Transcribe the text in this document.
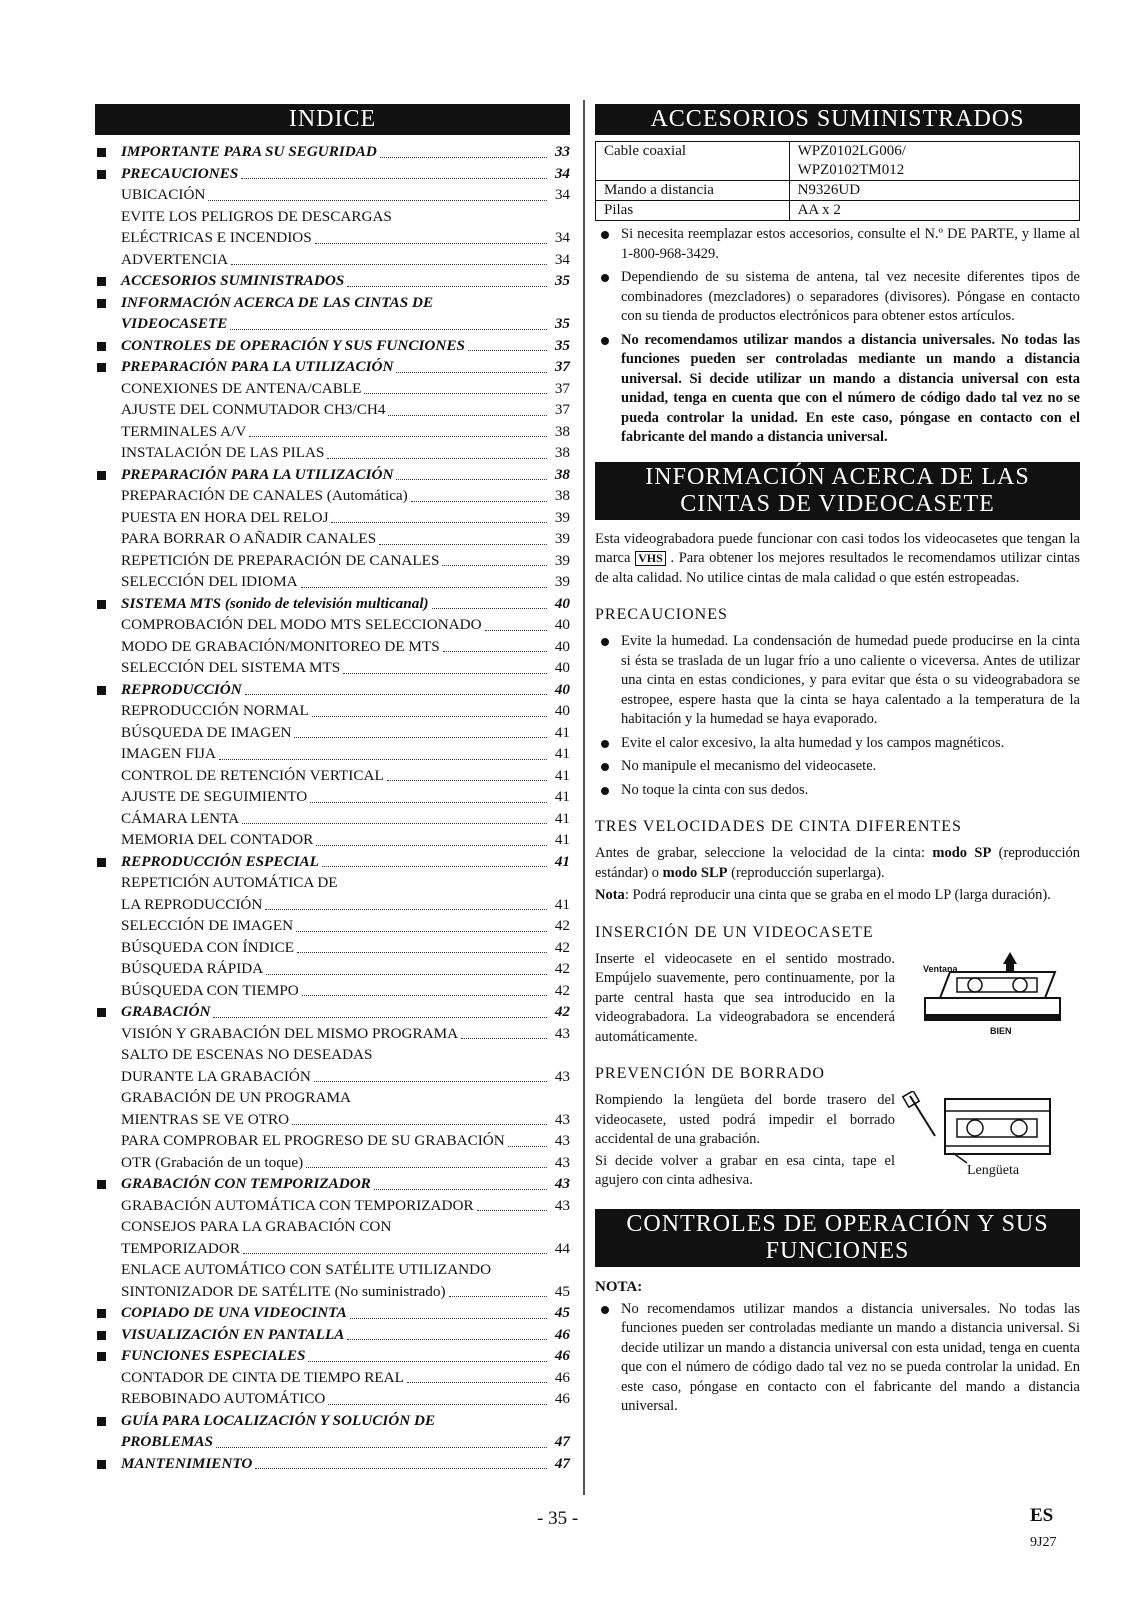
INDICE
IMPORTANTE PARA SU SEGURIDAD	33
PRECAUCIONES	34
UBICACIÓN	34
EVITE LOS PELIGROS DE DESCARGAS
ELÉCTRICAS E INCENDIOS	34
ADVERTENCIA	34
ACCESORIOS SUMINISTRADOS	35
INFORMACIÓN ACERCA DE LAS CINTAS DE
VIDEOCASETE	35
CONTROLES DE OPERACIÓN Y SUS FUNCIONES	35
PREPARACIÓN PARA LA UTILIZACIÓN	37
CONEXIONES DE ANTENA/CABLE	37
AJUSTE DEL CONMUTADOR CH3/CH4	37
TERMINALES A/V	38
INSTALACIÓN DE LAS PILAS	38
PREPARACIÓN PARA LA UTILIZACIÓN	38
PREPARACIÓN DE CANALES (Automática)	38
PUESTA EN HORA DEL RELOJ	39
PARA BORRAR O AÑADIR CANALES	39
REPETICIÓN DE PREPARACIÓN DE CANALES	39
SELECCIÓN DEL IDIOMA	39
SISTEMA MTS (sonido de televisión multicanal)	40
COMPROBACIÓN DEL MODO MTS SELECCIONADO	40
MODO DE GRABACIÓN/MONITOREO DE MTS	40
SELECCIÓN DEL SISTEMA MTS	40
REPRODUCCIÓN	40
REPRODUCCIÓN NORMAL	40
BÚSQUEDA DE IMAGEN	41
IMAGEN FIJA	41
CONTROL DE RETENCIÓN VERTICAL	41
AJUSTE DE SEGUIMIENTO	41
CÁMARA LENTA	41
MEMORIA DEL CONTADOR	41
REPRODUCCIÓN ESPECIAL	41
REPETICIÓN AUTOMÁTICA DE
LA REPRODUCCIÓN	41
SELECCIÓN DE IMAGEN	42
BÚSQUEDA CON ÍNDICE	42
BÚSQUEDA RÁPIDA	42
BÚSQUEDA CON TIEMPO	42
GRABACIÓN	42
VISIÓN Y GRABACIÓN DEL MISMO PROGRAMA	43
SALTO DE ESCENAS NO DESEADAS
DURANTE LA GRABACIÓN	43
GRABACIÓN DE UN PROGRAMA
MIENTRAS SE VE OTRO	43
PARA COMPROBAR EL PROGRESO DE SU GRABACIÓN	43
OTR (Grabación de un toque)	43
GRABACIÓN CON TEMPORIZADOR	43
GRABACIÓN AUTOMÁTICA CON TEMPORIZADOR	43
CONSEJOS PARA LA GRABACIÓN CON
TEMPORIZADOR	44
ENLACE AUTOMÁTICO CON SATÉLITE UTILIZANDO
SINTONIZADOR DE SATÉLITE (No suministrado)	45
COPIADO DE UNA VIDEOCINTA	45
VISUALIZACIÓN EN PANTALLA	46
FUNCIONES ESPECIALES	46
CONTADOR DE CINTA DE TIEMPO REAL	46
REBOBINADO AUTOMÁTICO	46
GUÍA PARA LOCALIZACIÓN Y SOLUCIÓN DE
PROBLEMAS	47
MANTENIMIENTO	47
ACCESORIOS SUMINISTRADOS
Cable coaxial	WPZ0102LG006/
WPZ0102TM012
Mando a distancia	N9326UD
Pilas	AA x 2
Si necesita reemplazar estos accesorios, consulte el N.º DE PARTE, y llame al 1-800-968-3429.
Dependiendo de su sistema de antena, tal vez necesite diferentes tipos de combinadores (mezcladores) o separadores (divisores). Póngase en contacto con su tienda de productos electrónicos para obtener estos artículos.
No recomendamos utilizar mandos a distancia universales. No todas las funciones pueden ser controladas mediante un mando a distancia universal. Si decide utilizar un mando a distancia universal con esta unidad, tenga en cuenta que con el número de código dado tal vez no se pueda controlar la unidad. En este caso, póngase en contacto con el fabricante del mando a distancia universal.
INFORMACIÓN ACERCA DE LAS
CINTAS DE VIDEOCASETE

Esta videograbadora puede funcionar con casi todos los videocasetes que tengan la marca VHS . Para obtener los mejores resultados le recomendamos utilizar cintas de alta calidad. No utilice cintas de mala calidad o que estén estropeadas.

PRECAUCIONES
Evite la humedad. La condensación de humedad puede producirse en la cinta si ésta se traslada de un lugar frío a uno caliente o viceversa. Antes de utilizar una cinta en estas condiciones, y para evitar que ésta o su videograbadora se estropee, espere hasta que la cinta se haya calentado a la temperatura de la habitación y la humedad se haya evaporado.
Evite el calor excesivo, la alta humedad y los campos magnéticos.
No manipule el mecanismo del videocasete.
No toque la cinta con sus dedos.
TRES VELOCIDADES DE CINTA DIFERENTES

Antes de grabar, seleccione la velocidad de la cinta: modo SP (reproducción estándar) o modo SLP (reproducción superlarga).

Nota: Podrá reproducir una cinta que se graba en el modo LP (larga duración).

INSERCIÓN DE UN VIDEOCASETE

Inserte el videocasete en el sentido mostrado. Empújelo suavemente, pero continuamente, por la parte central hasta que sea introducido en la videograbadora. La videograbadora se encenderá automáticamente.

Ventana
BIEN
PREVENCIÓN DE BORRADO

Rompiendo la lengüeta del borde trasero del videocasete, usted podrá impedir el borrado accidental de una grabación.

Si decide volver a grabar en esa cinta, tape el agujero con cinta adhesiva.

Lengüeta
CONTROLES DE OPERACIÓN Y SUS
FUNCIONES
NOTA:
No recomendamos utilizar mandos a distancia universales. No todas las funciones pueden ser controladas mediante un mando a distancia universal. Si decide utilizar un mando a distancia universal con esta unidad, tenga en cuenta que con el número de código dado tal vez no se pueda controlar la unidad. En este caso, póngase en contacto con el fabricante del mando a distancia universal.
- 35 -	ES
9J27
